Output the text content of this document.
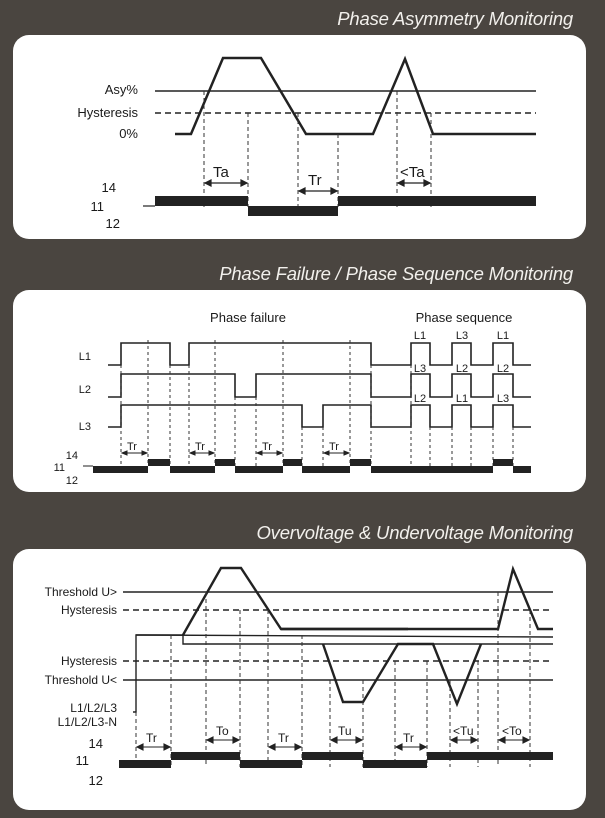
Phase Asymmetry Monitoring
Ta	Tr	<Ta
Asy%
Hysteresis
0%
14
11
12
Phase Failure / Phase Sequence Monitoring
Phase failure	Phase sequence
Tr	Tr	Tr	Tr
L1
L2
L3
14
11
12
L1	L3	L1
L3	L2	L2
L2	L1	L3
Overvoltage & Undervoltage Monitoring
Tr	To	Tr	Tu	Tr	<Tu <To
Threshold U>
Hysteresis
Hysteresis
Threshold U<
L1/L2/L3
L1/L2/L3-N
14
11
12
